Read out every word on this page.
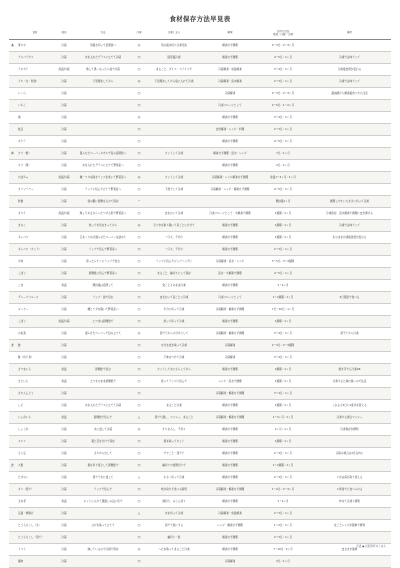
食材保存方法早見表
	食材	保存	方法	冷凍	冷凍しまえ	解凍	日持ち目安
常温／冷蔵／冷凍	備考
あ	青ネギ	冷蔵	刻後水切って密閉袋へ	◎	刻み後水切り冷凍可能	解凍せず調理	2〜3日／2〜3ヶ月	
	アスパラガス	冷蔵	水を入れたグラスに立てて冷蔵	○	固茹後冷凍	解凍せず調理	4〜5日／1ヶ月	冷凍で旨味アップ
	アボカド	常温/冷蔵	熟して黒くなったら袋で冷蔵	○	まるごと、ダイス・スライスで	冷蔵解凍・常温解凍	3〜4日／1ヶ月	冷凍後食感が変わる
	イカ（生・刺身）	冷蔵	下処理をしてから	◎	下処理をしてから袋に入れて冷凍	冷蔵解凍・流水解凍	2〜3日／1ヶ月	冷凍で旨味アップ
	いくら	冷蔵		○		冷蔵解凍	2〜3日／2〜3ヶ月	醤油漬けも解凍後食べ方に注意
	いちご	冷蔵		○		冷凍フルーツとして	2〜5日／1〜2ヶ月	
	梅	冷蔵		◎		解凍せず調理	3〜4日／1ヶ月	
	枝豆	冷蔵		○		自然解凍・レンジ・料理	2〜3日／1ヶ月	
	オクラ	冷蔵		○		解凍せず調理	4〜5日／1ヶ月	
か	カブ（根）	冷蔵	湿らせたペーパータオルで包み密閉袋へ	○	カットして冷凍	解凍せず調理・流水・レンジ	7日／1ヶ月	
	カブ（葉）	冷蔵	水を入れたグラスに立てて野菜室へ	○		解凍せず調理	2日／1ヶ月	
	かぼちゃ	常温/冷蔵	種・ワタを除きラップを巻いて野菜室へ	◎	カットして冷凍	冷蔵解凍・レンジ解凍せず調理	常温1〜2ヶ月／1ヶ月	
	カリフラワー	冷蔵	ラップに包んで立てて野菜室へ	○	下茹でして冷凍	冷蔵解凍・レンジ・解凍せず調理	4〜5日／1ヶ月	
	乾椎	冷蔵	袋の鍵に新聞を入れて保存	−			開封後1ヶ月	調理しやすい大きさに切って冷凍
	キウイ	常温/冷蔵	熟してあるからへたつける形で野菜室へ	○	皮をむいて冷凍	冷凍フルーツとして・半解凍で調理	1週間／1ヶ月	冷凍保存、流水解凍で調理に皮が剥ける
	きのこ	冷蔵	洗って水気をきってから	◎	石づきを取り除いて房ごとに分けて	解凍せず調理	1週間／1ヶ月	冷凍で旨味アップ
	キャベツ	冷蔵	芯をくりぬき湿らせたペーパーを詰めて	○	一口大、千切り	解凍せず調理	1週間／1ヶ月	生のまま冷凍後食感が変わる
	キャベツ（カット）	冷蔵	ラップで包んで野菜室へ	○	一口大、千切り	解凍せず調理	2〜3日／1ヶ月	
	牛肉	冷蔵	買ったらすぐにラップで包む	○	ラップに包んでジップバッグに	冷蔵解凍・流水・レンジ	3〜5日／3〜4週間	
	ごぼう	冷蔵	新聞紙に包んで野菜室へ	○	まるごと、輪切りにして保存	流水・半解凍で調理	4〜5日／1ヶ月	
	ごま	常温	開封後は密閉して	○	袋ごとそのまま冷凍	解凍せず調理	1〜2ヶ月	
	グレープフルーツ	冷蔵	ラップ・袋で包む	○	皮をむいて房ごとに冷凍	冷凍フルーツとして	1〜2週間／1ヶ月	2日程度で食べる
	ゴーヤー	冷蔵	種とワタを除いて野菜室へ	○	半分に切って冷凍	冷蔵解凍・解凍せず調理	7日〜10日／1ヶ月	
	ごぼう	常温/冷蔵	土つきは新聞紙で	○	洗って切って冷凍	解凍せず調理	1週間／1ヶ月	
	小松菜	冷蔵	湿らせたペーパーで包み立てて	◎	茹でてから小分けにして	冷蔵解凍・解凍せず調理	3〜4日／1ヶ月	茹でてから冷凍
さ	鮭	冷蔵		○	水分を拭き取って冷凍	冷蔵解凍	2〜3日／2〜3週間	
	鮭（切り身）	冷蔵		○	下味をつけて冷凍	冷蔵解凍	3〜4日／1ヶ月	
	さつまいも	常温	新聞紙で包む	○	カットして水にさらしてから	解凍せず調理	2週間／1ヶ月	焼き芋でも冷凍OK
	さといも	常温	土つきのまま新聞紙で	○	洗ってラップに包んで	レンジ・流水で調理	1週間／1ヶ月	冷凍すると崩れ易いので注意
	さやえんどう	冷蔵		○		冷蔵解凍・解凍せず調理	3〜4日／1ヶ月	
	しそ	冷蔵	水を入れたグラスに立てて冷蔵	○	まるごと冷凍	解凍せず調理	1週間／1ヶ月	＋およそ3日に1度水を替える
	じゃがいも	常温	新聞紙で包んで	△	茹でて潰し、マッシュ、まるごと	冷蔵解凍・解凍せず調理	1〜3ヶ月／1ヶ月	冷凍する場合マッシュ
	しょうが	冷蔵	水に浸して冷蔵	◎	すりおろし、千切り	解凍せず調理	1ヶ月／1ヶ月	冷凍保存が便利
	セロリ	冷蔵	葉と茎を分けて保存	○	筋を取ってカット	解凍せず調理	1週間／1ヶ月	
	そら豆	冷蔵	さやから出して	○	サヤごと・茹でて	解凍せず調理	2〜3日／1ヶ月	冷蔵の場合は3日以内に
た	大根	冷蔵	葉を切り落として新聞紙で	○	輪切りや短冊切りで	解凍せず調理	1〜2週間／1ヶ月	
	たけのこ	冷蔵	茹でて水に浸して	△	小さく切って冷凍	解凍せず調理	2〜3日／1ヶ月	＊水は毎日取り替える
	タコ（茹で）	冷蔵	ラップで包んで	○	味が染ちず食べる時用	冷蔵解凍・解凍せず調理	1〜2日／2〜3ヶ月	＊刺身でも食べられる
	玉ねぎ	常温	ネットに入れて風通しの良い所で	○	薄切り、みじん切り	解凍せず調理	1〜2ヶ月	炒めて冷凍も便利
	豆腐・厚揚げ	冷蔵		△	水を切って冷凍	冷蔵解凍・常温解凍	2〜3日／1ヶ月	
	とうもろこし（生）	冷蔵	ひげを取って立てて	○	茹でて粒にする	レンジ・解凍せず調理	1〜2日／1ヶ月	皮ごとレンジが簡単で便利
	とうもろこし（茹で）	冷蔵		○	輪切り・粒	解凍せず調理	2〜3日／1ヶ月	
	トマト	冷蔵	熟しているので冷蔵で保存	◎	へたを取ってまるごと冷凍	解凍せず調理	7〜10日／2ヶ月	皮むきが簡単
	鶏肉	冷蔵		○		冷蔵解凍	2日／1ヶ月	
汚浸 ● 四邸雪町ゆうほち
